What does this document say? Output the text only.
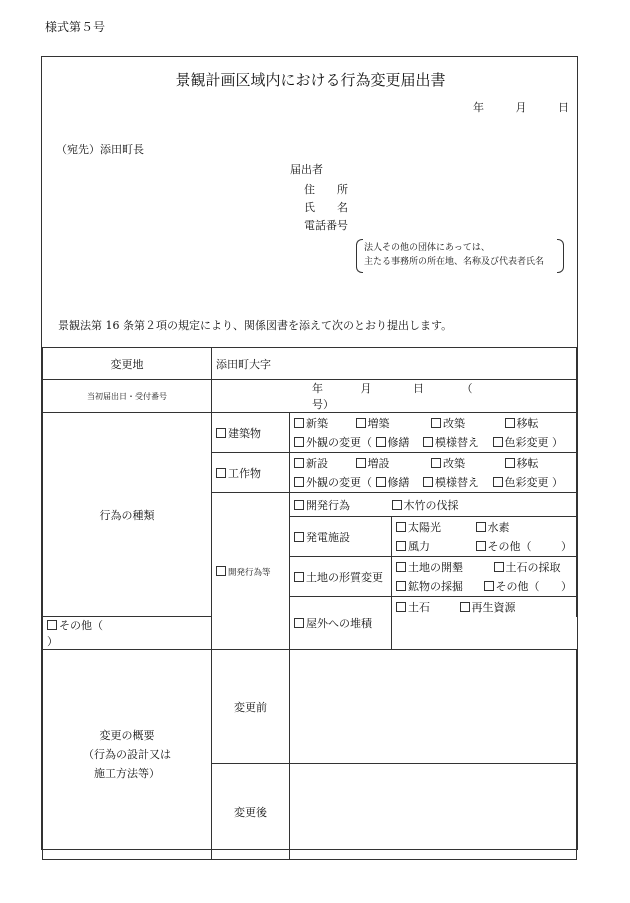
様式第５号
景観計画区域内における行為変更届出書
年	月	日
（宛先）添田町長
届出者
住　　所
氏　　名
電話番号
法人その他の団体にあっては、
主たる事務所の所在地、名称及び代表者氏名
景観法第 16 条第２項の規定により、関係図書を添えて次のとおり提出します。
変更地	添田町大字		
当初届出日・受付番号	年 月 日 （ 号）		
行為の種類	建築物	新築 増築 改築 移転	
		外観の変更（ 修繕 模様替え 色彩変更 ）	
	工作物	新設 増設 改築 移転	
		外観の変更（ 修繕 模様替え 色彩変更 ）	
	開発行為等	開発行為 木竹の伐採	
		発電施設	太陽光 水素
			風力 その他（ ）

		土地の形質変更	土地の開墾 土石の採取
			鉱物の採掘 その他（ ）

		屋外への堆積	土石 再生資源
その他（ ）			

変更の概要
（行為の設計又は
施工方法等）	変更前		
	変更後		
